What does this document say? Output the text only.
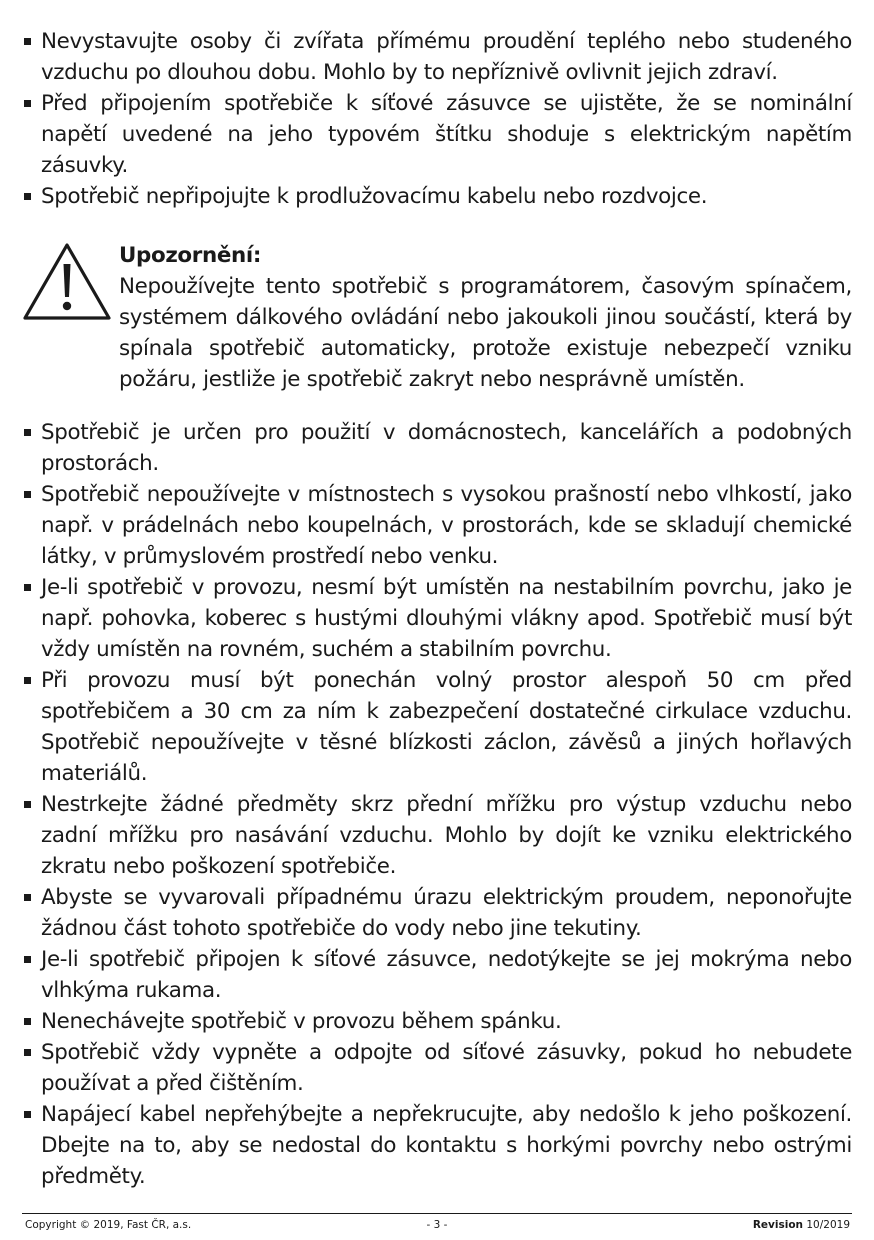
Nevystavujte osoby či zvířata přímému proudění teplého nebo studeného vzduchu po dlouhou dobu. Mohlo by to nepříznivě ovlivnit jejich zdraví.
Před připojením spotřebiče k síťové zásuvce se ujistěte, že se nominální napětí uvedené na jeho typovém štítku shoduje s elektrickým napětím zásuvky.
Spotřebič nepřipojujte k prodlužovacímu kabelu nebo rozdvojce.
Upozornění:
Nepoužívejte tento spotřebič s programátorem, časovým spínačem, systémem dálkového ovládání nebo jakoukoli jinou součástí, která by spínala spotřebič automaticky, protože existuje nebezpečí vzniku požáru, jestliže je spotřebič zakryt nebo nesprávně umístěn.
Spotřebič je určen pro použití v domácnostech, kancelářích a podobných prostorách.
Spotřebič nepoužívejte v místnostech s vysokou prašností nebo vlhkostí, jako např. v prádelnách nebo koupelnách, v prostorách, kde se skladují chemické látky, v průmyslovém prostředí nebo venku.
Je-li spotřebič v provozu, nesmí být umístěn na nestabilním povrchu, jako je např. pohovka, koberec s hustými dlouhými vlákny apod. Spotřebič musí být vždy umístěn na rovném, suchém a stabilním povrchu.
Při provozu musí být ponechán volný prostor alespoň 50 cm před spotřebičem a 30 cm za ním k zabezpečení dostatečné cirkulace vzduchu. Spotřebič nepoužívejte v těsné blízkosti záclon, závěsů a jiných hořlavých materiálů.
Nestrkejte žádné předměty skrz přední mřížku pro výstup vzduchu nebo zadní mřížku pro nasávání vzduchu. Mohlo by dojít ke vzniku elektrického zkratu nebo poškození spotřebiče.
Abyste se vyvarovali případnému úrazu elektrickým proudem, neponořujte žádnou část tohoto spotřebiče do vody nebo jine tekutiny.
Je-li spotřebič připojen k síťové zásuvce, nedotýkejte se jej mokrýma nebo vlhkýma rukama.
Nenechávejte spotřebič v provozu během spánku.
Spotřebič vždy vypněte a odpojte od síťové zásuvky, pokud ho nebudete používat a před čištěním.
Napájecí kabel nepřehýbejte a nepřekrucujte, aby nedošlo k jeho poškození. Dbejte na to, aby se nedostal do kontaktu s horkými povrchy nebo ostrými předměty.
Copyright © 2019, Fast ČR, a.s.	- 3 -	Revision 10/2019
